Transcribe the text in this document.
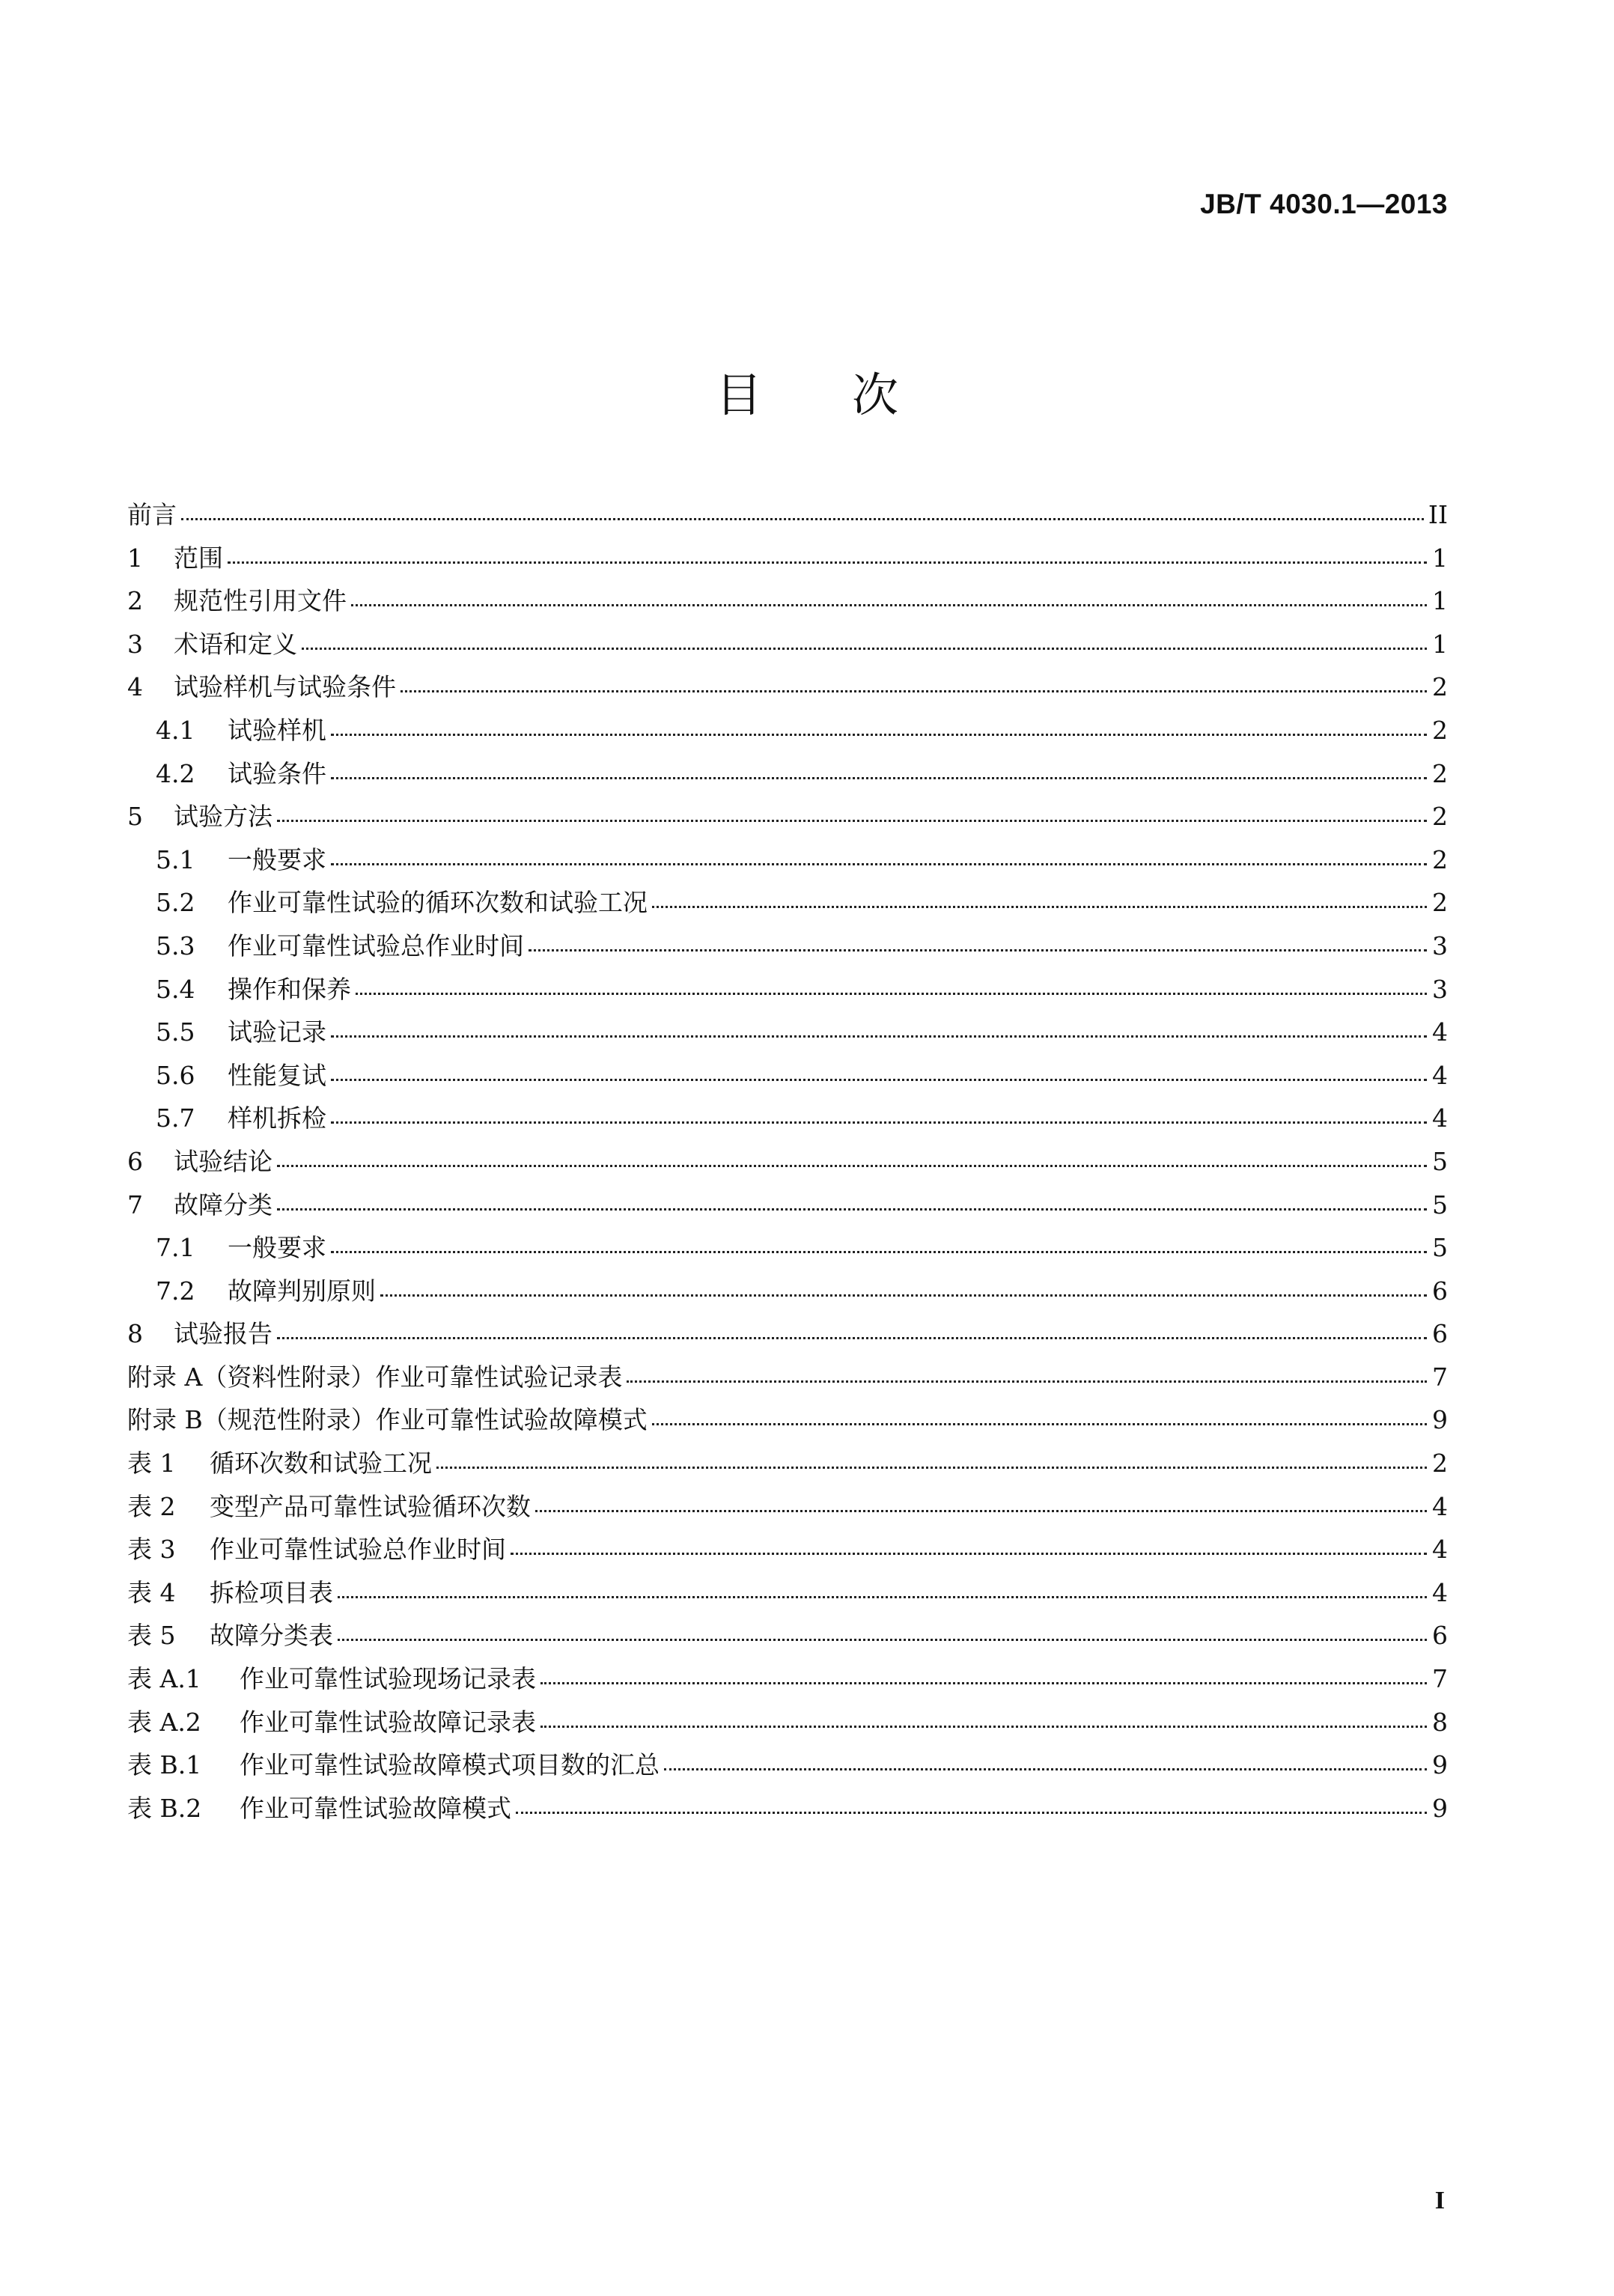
JB/T 4030.1—2013
目次
前言	II
1	范围	1
2	规范性引用文件	1
3	术语和定义	1
4	试验样机与试验条件	2
4.1	试验样机	2
4.2	试验条件	2
5	试验方法	2
5.1	一般要求	2
5.2	作业可靠性试验的循环次数和试验工况	2
5.3	作业可靠性试验总作业时间	3
5.4	操作和保养	3
5.5	试验记录	4
5.6	性能复试	4
5.7	样机拆检	4
6	试验结论	5
7	故障分类	5
7.1	一般要求	5
7.2	故障判别原则	6
8	试验报告	6
附录 A（资料性附录）作业可靠性试验记录表	7
附录 B（规范性附录）作业可靠性试验故障模式	9
表 1	循环次数和试验工况	2
表 2	变型产品可靠性试验循环次数	4
表 3	作业可靠性试验总作业时间	4
表 4	拆检项目表	4
表 5	故障分类表	6
表 A.1	作业可靠性试验现场记录表	7
表 A.2	作业可靠性试验故障记录表	8
表 B.1	作业可靠性试验故障模式项目数的汇总	9
表 B.2	作业可靠性试验故障模式	9
I
